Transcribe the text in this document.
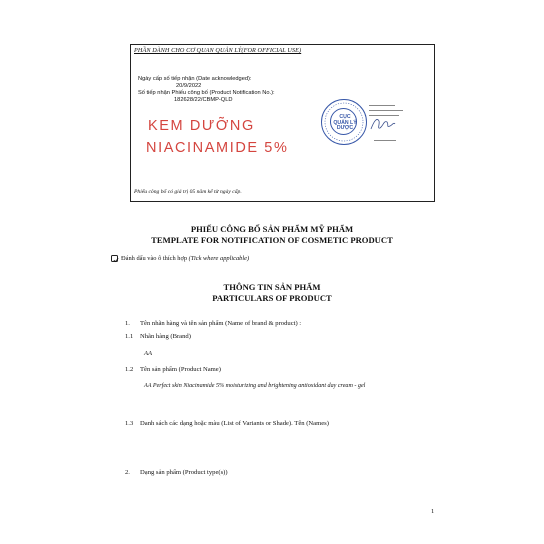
PHẦN DÀNH CHO CƠ QUAN QUẢN LÝ(FOR OFFICIAL USE)
Ngày cấp số tiếp nhận (Date acknowledged):
20/9/2022
Số tiếp nhận Phiếu công bố (Product Notification No.):
182628/22/CBMP-QLD
KEM DƯỠNG
NIACINAMIDE 5%
CỤC
QUẢN LÝ
DƯỢC
Phiếu công bố có giá trị 05 năm kể từ ngày cấp.
PHIẾU CÔNG BỐ SẢN PHẨM MỸ PHẨM
TEMPLATE FOR NOTIFICATION OF COSMETIC PRODUCT
Đánh dấu vào ô thích hợp
(Tick where applicable)
THÔNG TIN SẢN PHẨM
PARTICULARS OF PRODUCT
1. Tên nhãn hàng và tên sản phẩm (Name of brand & product) :
1.1 Nhãn hàng (Brand)
AA
1.2 Tên sản phẩm (Product Name)
AA Perfect skin Niacinamide 5% moisturizing and brightening antioxidant day cream - gel
1.3 Danh sách các dạng hoặc màu (List of Variants or Shade). Tên (Names)
2. Dạng sản phẩm (Product type(s))
1
